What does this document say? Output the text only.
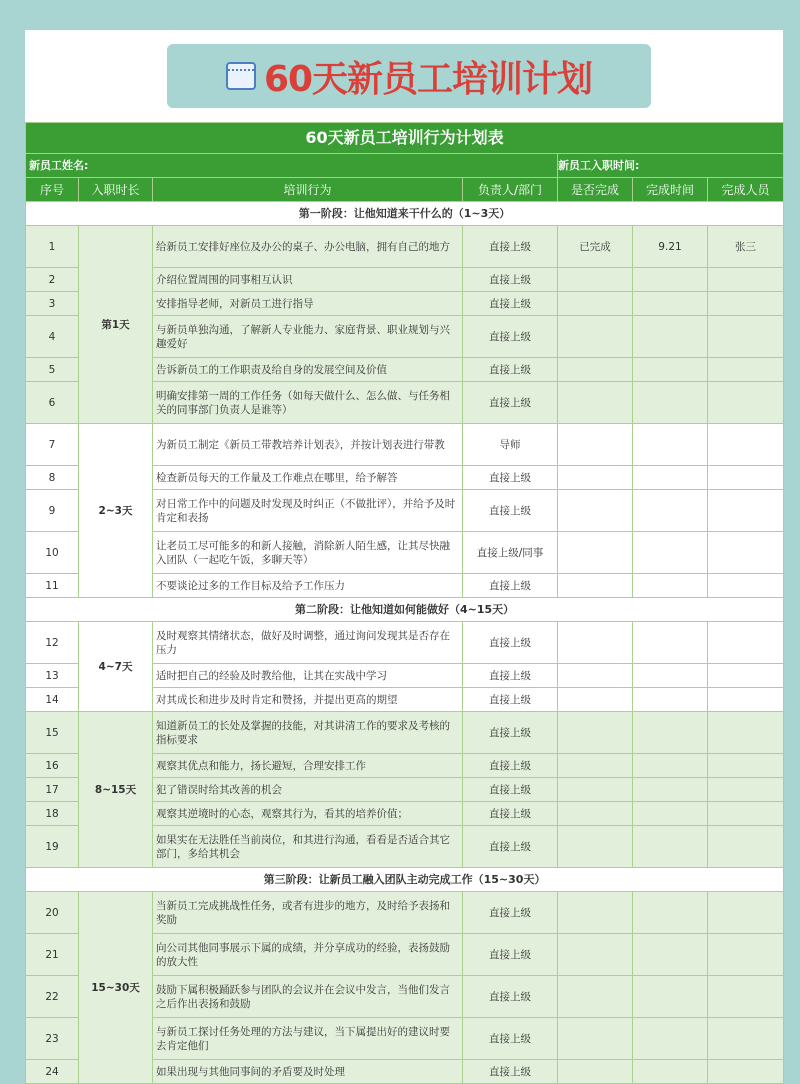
60天新员工培训计划
60天新员工培训行为计划表						
新员工姓名:				新员工入职时间:		
序号	入职时长	培训行为	负责人/部门	是否完成	完成时间	完成人员
第一阶段：让他知道来干什么的（1~3天）						
1	第1天	给新员工安排好座位及办公的桌子、办公电脑，拥有自己的地方	直接上级	已完成	9.21	张三
2		介绍位置周围的同事相互认识	直接上级			
3		安排指导老师，对新员工进行指导	直接上级			
4		与新员单独沟通，了解新人专业能力、家庭背景、职业规划与兴趣爱好	直接上级			
5		告诉新员工的工作职责及给自身的发展空间及价值	直接上级			
6		明确安排第一周的工作任务（如每天做什么、怎么做、与任务相关的同事部门负责人是谁等）	直接上级			
7	2~3天	为新员工制定《新员工带教培养计划表》，并按计划表进行带教	导师			
8		检查新员每天的工作量及工作难点在哪里，给予解答	直接上级			
9		对日常工作中的问题及时发现及时纠正（不做批评），并给予及时肯定和表扬	直接上级			
10		让老员工尽可能多的和新人接触，消除新人陌生感，让其尽快融入团队（一起吃午饭，多聊天等）	直接上级/同事			
11		不要谈论过多的工作目标及给予工作压力	直接上级			
第二阶段：让他知道如何能做好（4~15天）						
12	4~7天	及时观察其情绪状态，做好及时调整，通过询问发现其是否存在压力	直接上级			
13		适时把自己的经验及时教给他，让其在实战中学习	直接上级			
14		对其成长和进步及时肯定和赞扬，并提出更高的期望	直接上级			
15	8~15天	知道新员工的长处及掌握的技能，对其讲清工作的要求及考核的指标要求	直接上级			
16		观察其优点和能力，扬长避短，合理安排工作	直接上级			
17		犯了错误时给其改善的机会	直接上级			
18		观察其逆境时的心态，观察其行为，看其的培养价值；	直接上级			
19		如果实在无法胜任当前岗位，和其进行沟通，看看是否适合其它部门，多给其机会	直接上级			
第三阶段：让新员工融入团队主动完成工作（15~30天）						
20	15~30天	当新员工完成挑战性任务，或者有进步的地方，及时给予表扬和奖励	直接上级			
21		向公司其他同事展示下属的成绩，并分享成功的经验，表扬鼓励的放大性	直接上级			
22		鼓励下属积极踊跃参与团队的会议并在会议中发言，当他们发言之后作出表扬和鼓励	直接上级			
23		与新员工探讨任务处理的方法与建议，当下属提出好的建议时要去肯定他们	直接上级			
24		如果出现与其他同事间的矛盾要及时处理	直接上级			
